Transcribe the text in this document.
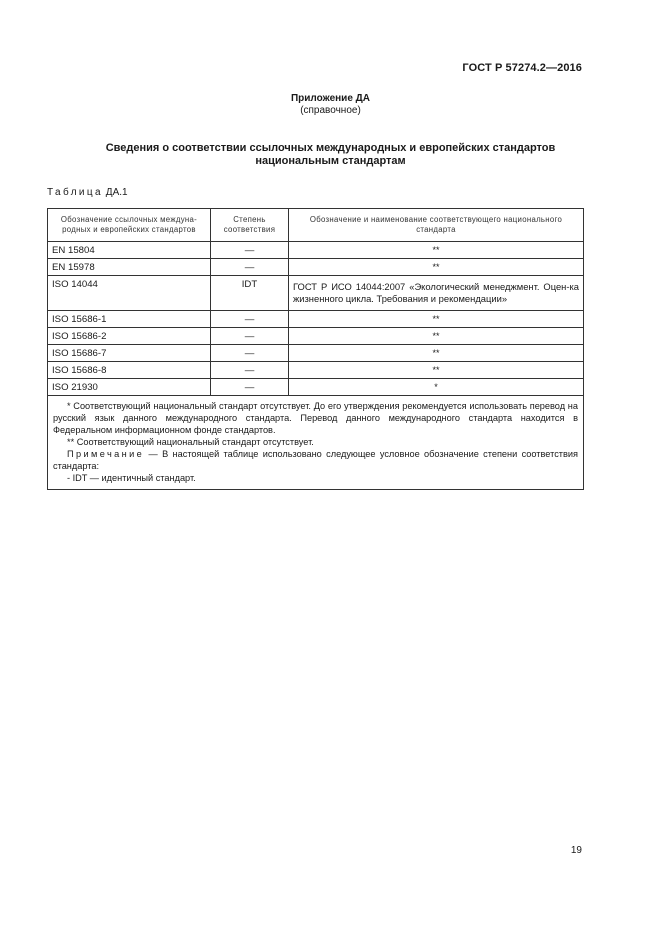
ГОСТ Р 57274.2—2016
Приложение ДА
(справочное)
Сведения о соответствии ссылочных международных и европейских стандартов
национальным стандартам
Таблица ДА.1
Обозначение ссылочных междуна-родных и европейских стандартов	Степень соответствия	Обозначение и наименование соответствующего национального стандарта
EN 15804	—	**
EN 15978	—	**
ISO 14044	IDT	ГОСТ Р ИСО 14044:2007 «Экологический менеджмент. Оцен-ка жизненного цикла. Требования и рекомендации»
ISO 15686-1	—	**
ISO 15686-2	—	**
ISO 15686-7	—	**
ISO 15686-8	—	**
ISO 21930	—	*

* Соответствующий национальный стандарт отсутствует. До его утверждения рекомендуется использовать перевод на русский язык данного международного стандарта. Перевод данного международного стандарта находится в Федеральном информационном фонде стандартов.

** Соответствующий национальный стандарт отсутствует.

Примечание — В настоящей таблице использовано следующее условное обозначение степени соответствия стандарта:

- IDT — идентичный стандарт.		

19
